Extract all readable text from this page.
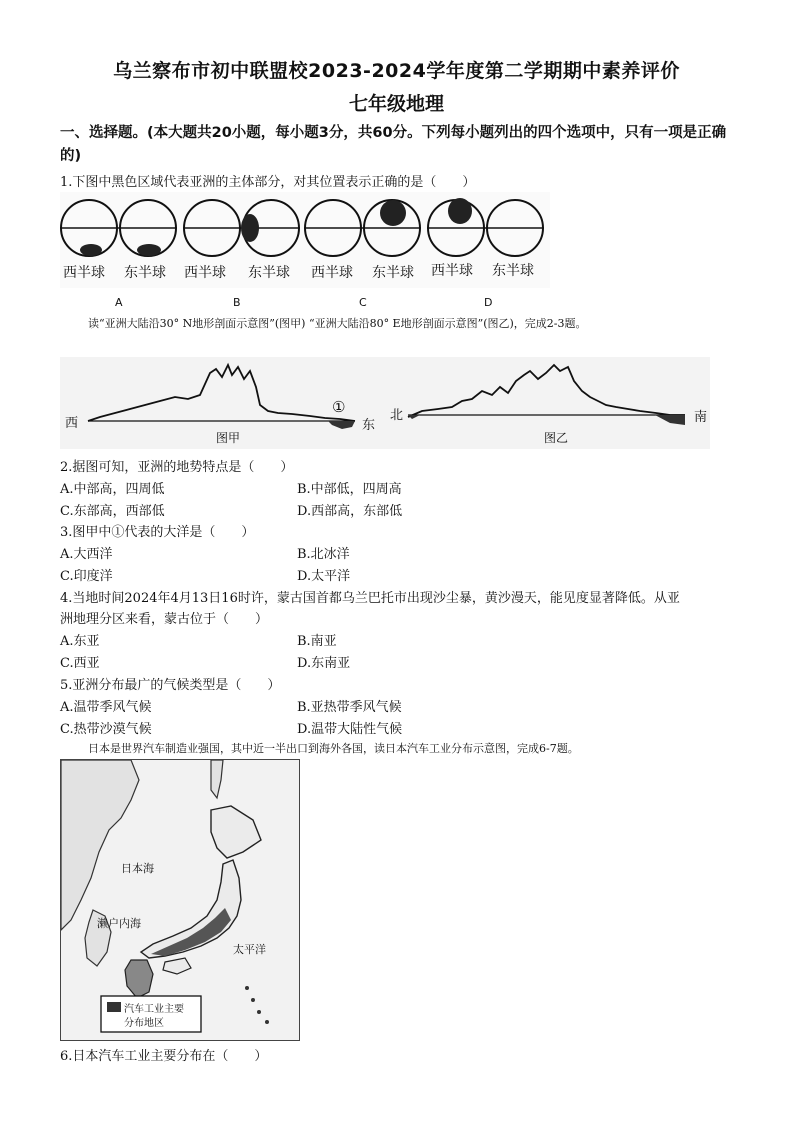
乌兰察布市初中联盟校2023-2024学年度第二学期期中素养评价
七年级地理
一、选择题。(本大题共20小题，每小题3分，共60分。下列每小题列出的四个选项中，只有一项是正确的)
1.下图中黑色区域代表亚洲的主体部分，对其位置表示正确的是（　　）
西半球 东半球 西半球 东半球 西半球 东半球 西半球 东半球
A	B	C	D
读“亚洲大陆沿30° N地形剖面示意图”(图甲) “亚洲大陆沿80° E地形剖面示意图”(图乙)，完成2-3题。
西	东
①
图甲
北	南
图乙
2.据图可知，亚洲的地势特点是（　　）
A.中部高，四周低	B.中部低，四周高
C.东部高，西部低	D.西部高，东部低
3.图甲中①代表的大洋是（　　）
A.大西洋	B.北冰洋
C.印度洋	D.太平洋
4.当地时间2024年4月13日16时许，蒙古国首都乌兰巴托市出现沙尘暴，黄沙漫天，能见度显著降低。从亚
洲地理分区来看，蒙古位于（　　）
A.东亚	B.南亚
C.西亚	D.东南亚
5.亚洲分布最广的气候类型是（　　）
A.温带季风气候	B.亚热带季风气候
C.热带沙漠气候	D.温带大陆性气候
日本是世界汽车制造业强国，其中近一半出口到海外各国，读日本汽车工业分布示意图，完成6-7题。
日本海
濑户内海
太平洋
汽车工业主要
分布地区
6.日本汽车工业主要分布在（　　）
